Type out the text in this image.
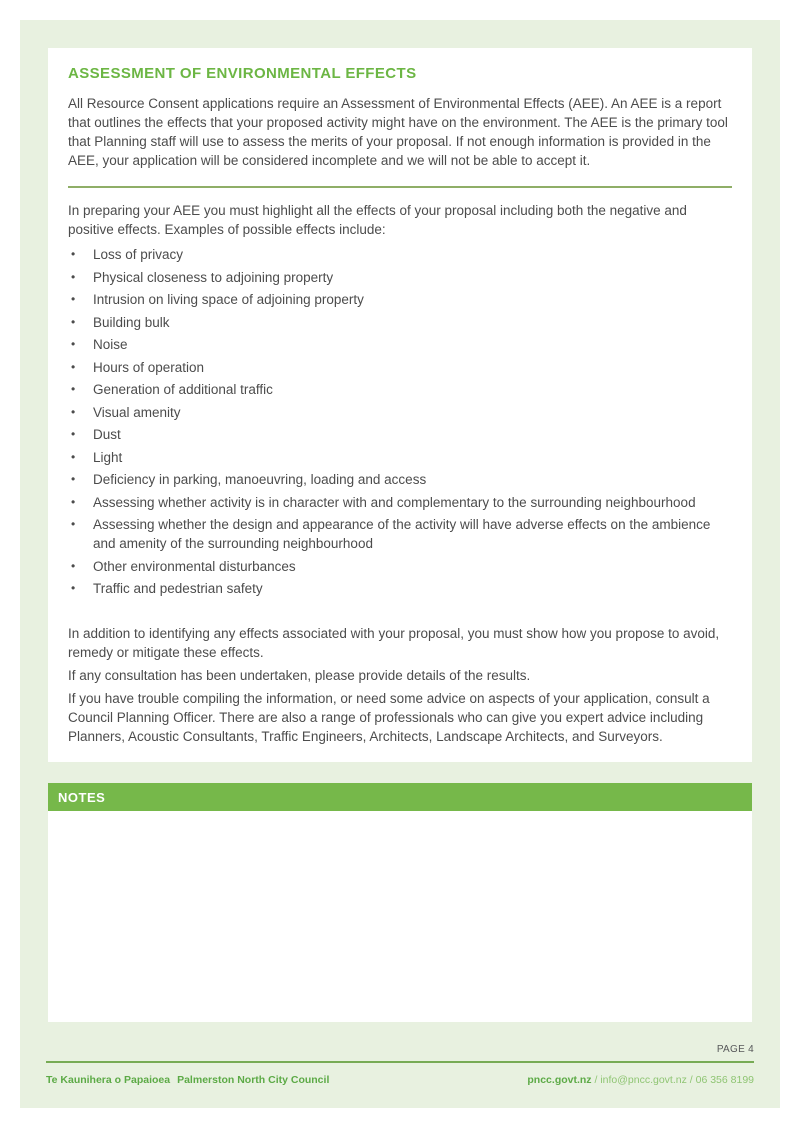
ASSESSMENT OF ENVIRONMENTAL EFFECTS

All Resource Consent applications require an Assessment of Environmental Effects (AEE). An AEE is a report that outlines the effects that your proposed activity might have on the environment. The AEE is the primary tool that Planning staff will use to assess the merits of your proposal. If not enough information is provided in the AEE, your application will be considered incomplete and we will not be able to accept it.

In preparing your AEE you must highlight all the effects of your proposal including both the negative and positive effects. Examples of possible effects include:

• Loss of privacy
• Physical closeness to adjoining property
• Intrusion on living space of adjoining property
• Building bulk
• Noise
• Hours of operation
• Generation of additional traffic
• Visual amenity
• Dust
• Light
• Deficiency in parking, manoeuvring, loading and access
• Assessing whether activity is in character with and complementary to the surrounding neighbourhood
• Assessing whether the design and appearance of the activity will have adverse effects on the ambience and amenity of the surrounding neighbourhood
• Other environmental disturbances
• Traffic and pedestrian safety

In addition to identifying any effects associated with your proposal, you must show how you propose to avoid, remedy or mitigate these effects.

If any consultation has been undertaken, please provide details of the results.

If you have trouble compiling the information, or need some advice on aspects of your application, consult a Council Planning Officer. There are also a range of professionals who can give you expert advice including Planners, Acoustic Consultants, Traffic Engineers, Architects, Landscape Architects, and Surveyors.

NOTES
PAGE 4
Te Kaunihera o Papaioea Palmerston North City Council	pncc.govt.nz / info@pncc.govt.nz / 06 356 8199
